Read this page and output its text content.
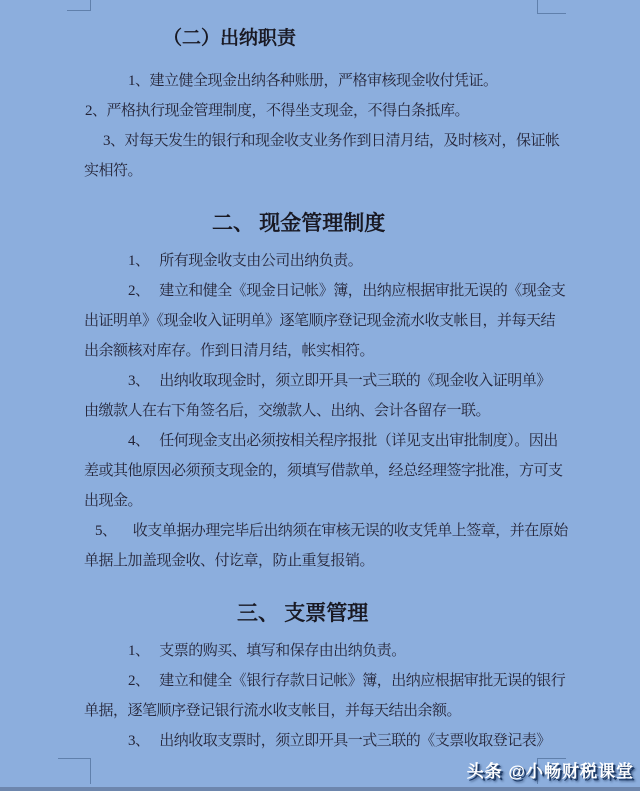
（二）出纳职责
1、建立健全现金出纳各种账册，严格审核现金收付凭证。
2、严格执行现金管理制度，不得坐支现金，不得白条抵库。
3、对每天发生的银行和现金收支业务作到日清月结，及时核对，保证帐
实相符。
二、 现金管理制度
1、   所有现金收支由公司出纳负责。
2、   建立和健全《现金日记帐》簿，出纳应根据审批无误的《现金支
出证明单》《现金收入证明单》逐笔顺序登记现金流水收支帐目，并每天结
出余额核对库存。作到日清月结，帐实相符。
3、   出纳收取现金时，须立即开具一式三联的《现金收入证明单》
由缴款人在右下角签名后，交缴款人、出纳、会计各留存一联。
4、   任何现金支出必须按相关程序报批（详见支出审批制度）。因出
差或其他原因必须预支现金的，须填写借款单，经总经理签字批准，方可支
出现金。
5、     收支单据办理完毕后出纳须在审核无误的收支凭单上签章，并在原始
单据上加盖现金收、付讫章，防止重复报销。
三、 支票管理
1、   支票的购买、填写和保存由出纳负责。
2、   建立和健全《银行存款日记帐》簿，出纳应根据审批无误的银行
单据，逐笔顺序登记银行流水收支帐目，并每天结出余额。
3、   出纳收取支票时，须立即开具一式三联的《支票收取登记表》
头条 @小畅财税课堂
